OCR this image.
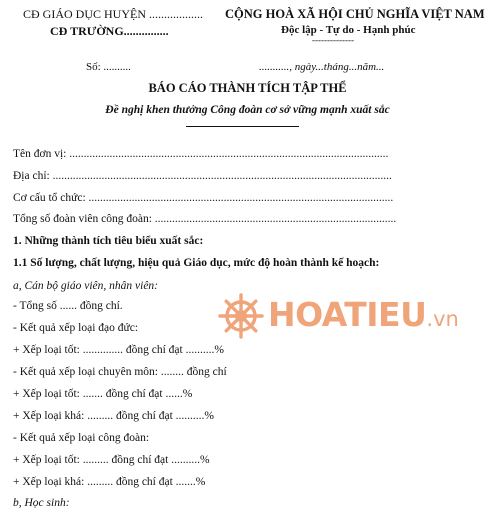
CĐ GIÁO DỤC HUYỆN ..................
CĐ TRƯỜNG...............
CỘNG HOÀ XÃ HỘI CHỦ NGHĨA VIỆT NAM
Độc lập - Tự do - Hạnh phúc
--------------
Số: ..........	..........., ngày...tháng...năm...
BÁO CÁO THÀNH TÍCH TẬP THỂ
Đề nghị khen thưởng Công đoàn cơ sở vững mạnh xuất sắc
Tên đơn vị: ...............................................................................................................
Địa chỉ: ......................................................................................................................
Cơ cấu tổ chức: ..........................................................................................................
Tổng số đoàn viên công đoàn: ....................................................................................
1. Những thành tích tiêu biểu xuất sắc:
1.1 Số lượng, chất lượng, hiệu quả Giáo dục, mức độ hoàn thành kế hoạch:
a, Cán bộ giáo viên, nhân viên:
- Tổng số ...... đồng chí.
- Kết quả xếp loại đạo đức:
+ Xếp loại tốt: .............. đồng chí đạt ..........%
- Kết quả xếp loại chuyên môn: ........ đồng chí
+ Xếp loại tốt: ....... đồng chí đạt ......%
+ Xếp loại khá: ......... đồng chí đạt ..........%
- Kết quả xếp loại công đoàn:
+ Xếp loại tốt: ......... đồng chí đạt ..........%
+ Xếp loại khá: ......... đồng chí đạt .......%
b, Học sinh:
HOATIEU.vn
